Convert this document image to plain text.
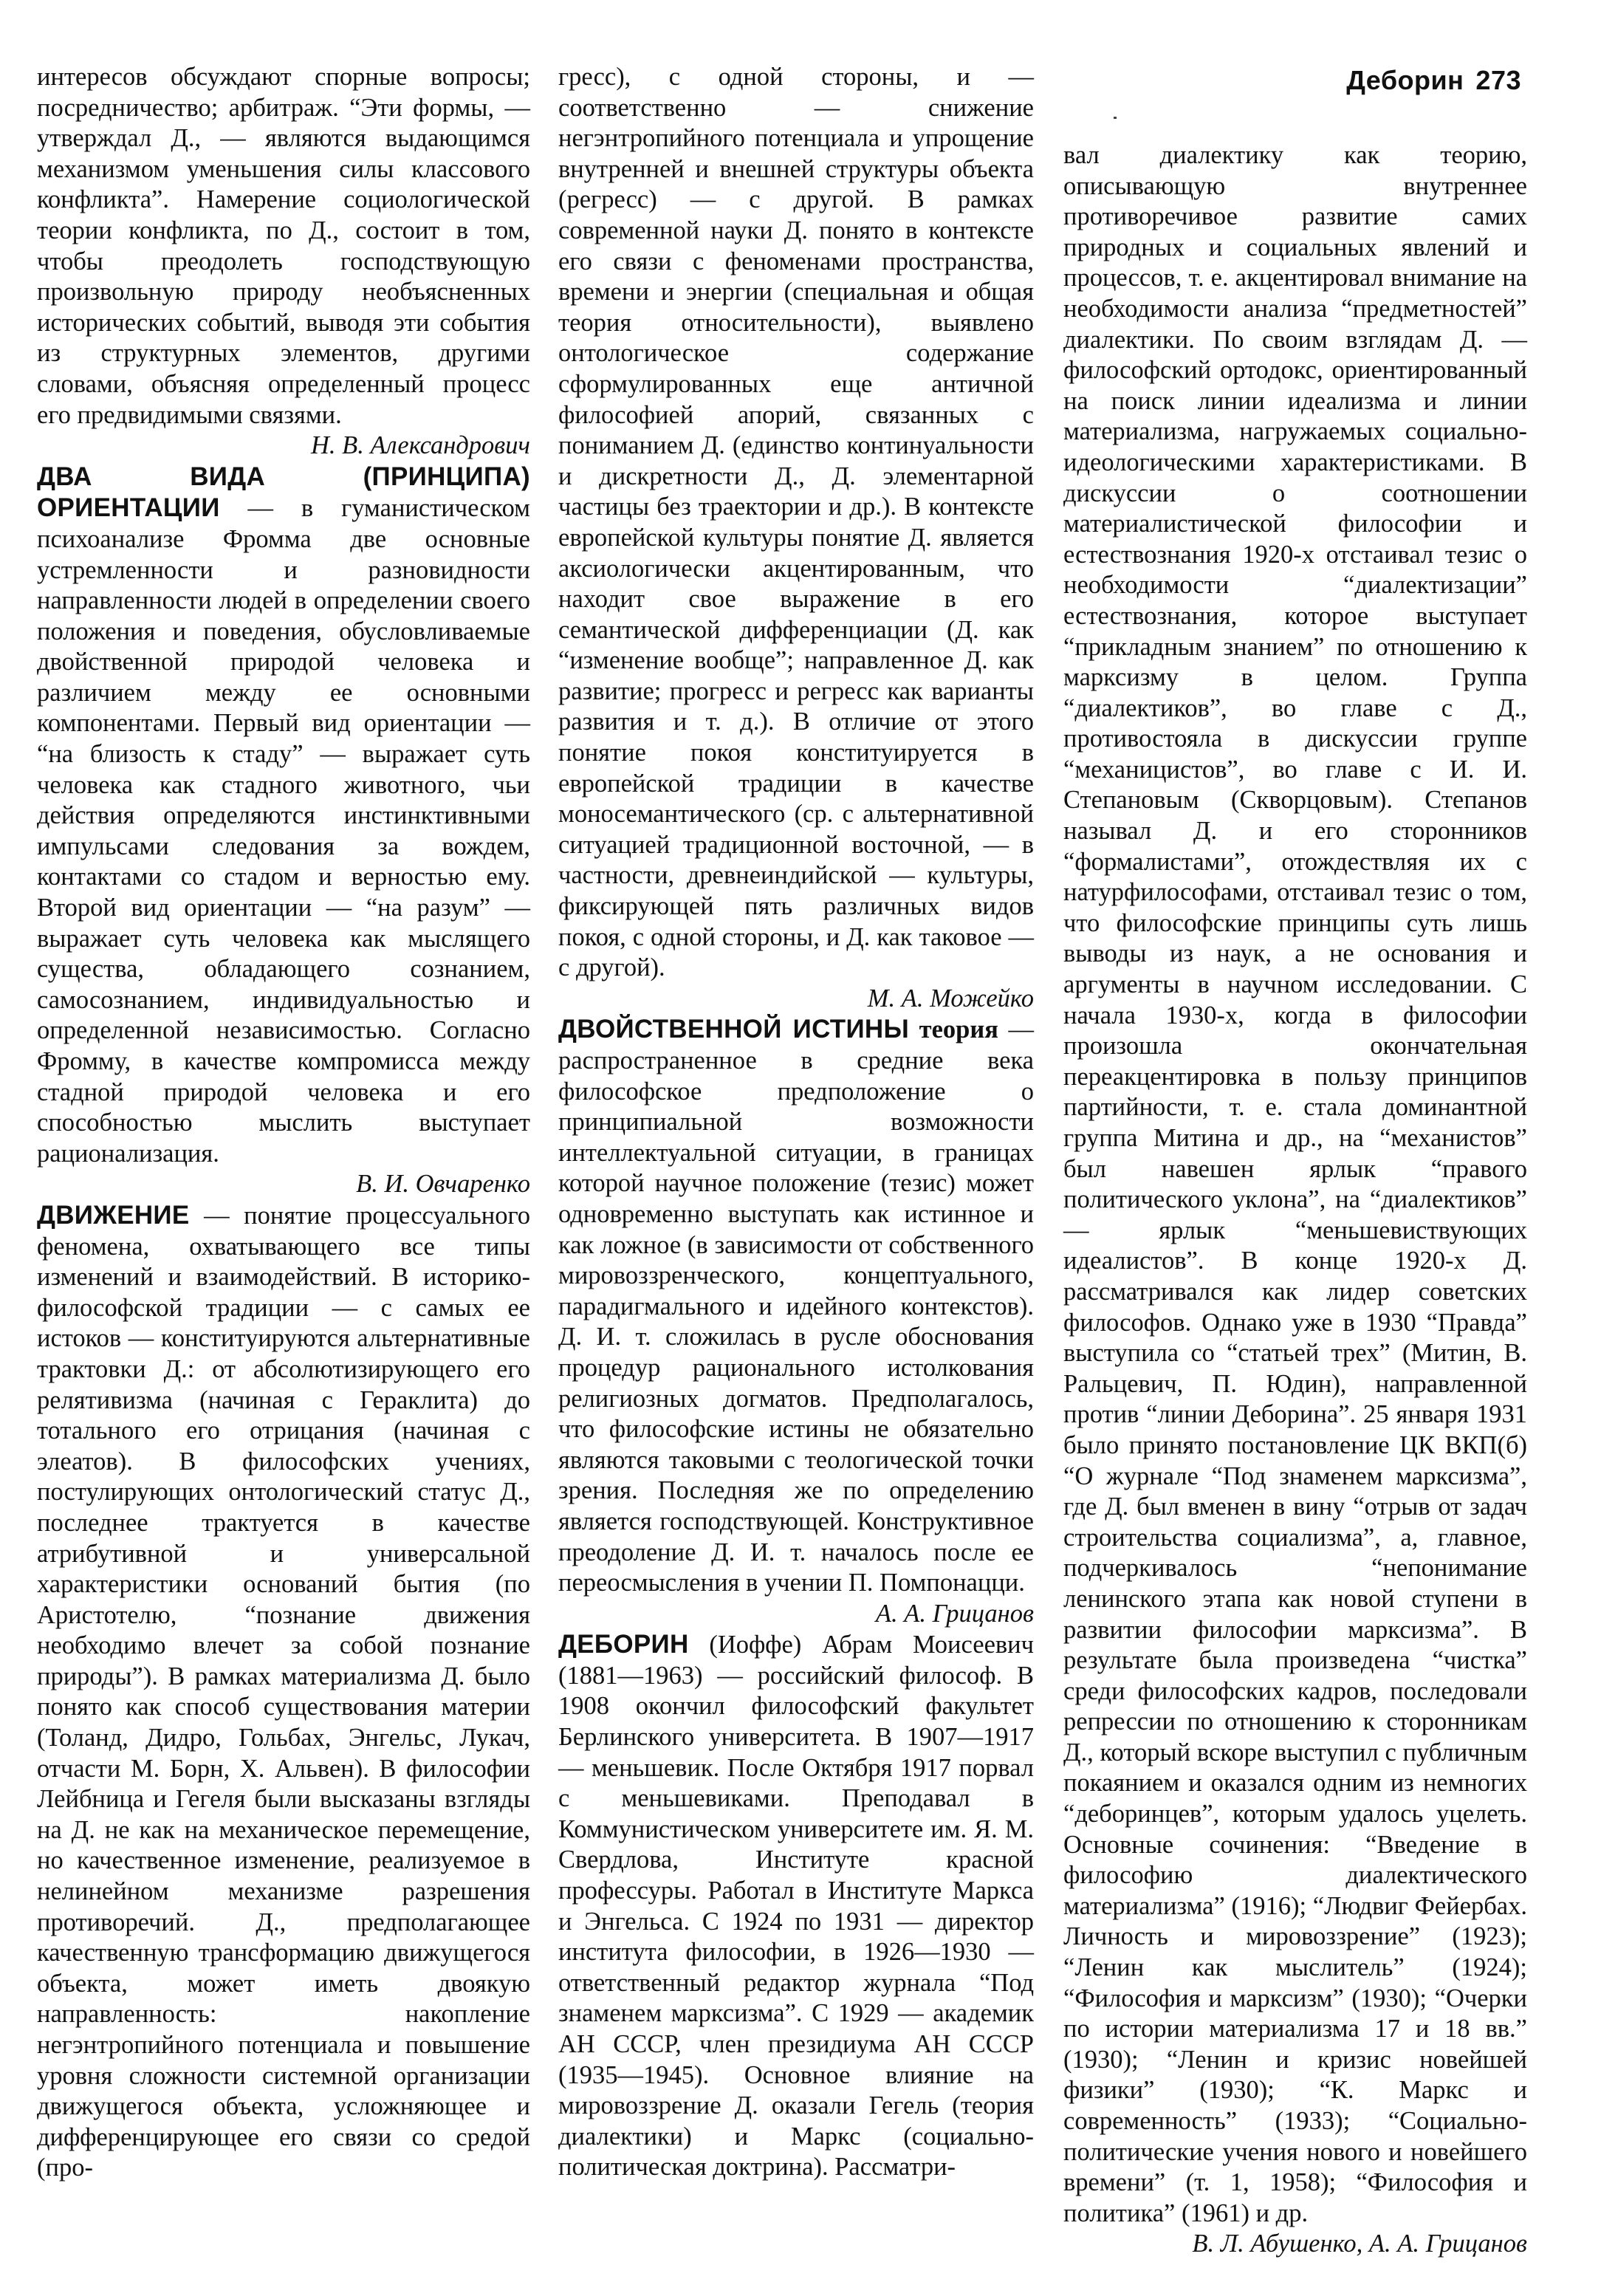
Деборин 273

интересов обсуждают спорные вопросы; посредничество; арбитраж. “Эти формы, — утверждал Д., — являются выдающимся механизмом уменьшения силы классового конфликта”. Намерение социологической теории конфликта, по Д., состоит в том, чтобы преодолеть господствующую произвольную природу необъясненных исторических событий, выводя эти события из структурных элементов, другими словами, объясняя определенный процесс его предвидимыми связями.

Н. В. Александрович

ДВА ВИДА (ПРИНЦИПА) ОРИЕНТАЦИИ — в гуманистическом психоанализе Фромма две основные устремленности и разновидности направленности людей в определении своего положения и поведения, обусловливаемые двойственной природой человека и различием между ее основными компонентами. Первый вид ориентации — “на близость к стаду” — выражает суть человека как стадного животного, чьи действия определяются инстинктивными импульсами следования за вождем, контактами со стадом и верностью ему. Второй вид ориентации — “на разум” — выражает суть человека как мыслящего существа, обладающего сознанием, самосознанием, индивидуальностью и определенной независимостью. Согласно Фромму, в качестве компромисса между стадной природой человека и его способностью мыслить выступает рационализация.

В. И. Овчаренко

ДВИЖЕНИЕ — понятие процессуального феномена, охватывающего все типы изменений и взаимодействий. В историко-философской традиции — с самых ее истоков — конституируются альтернативные трактовки Д.: от абсолютизирующего его релятивизма (начиная с Гераклита) до тотального его отрицания (начиная с элеатов). В философских учениях, постулирующих онтологический статус Д., последнее трактуется в качестве атрибутивной и универсальной характеристики оснований бытия (по Аристотелю, “познание движения необходимо влечет за собой познание природы”). В рамках материализма Д. было понято как способ существования материи (Толанд, Дидро, Гольбах, Энгельс, Лукач, отчасти М. Борн, Х. Альвен). В философии Лейбница и Гегеля были высказаны взгляды на Д. не как на механическое перемещение, но качественное изменение, реализуемое в нелинейном механизме разрешения противоречий. Д., предполагающее качественную трансформацию движущегося объекта, может иметь двоякую направленность: накопление негэнтропийного потенциала и повышение уровня сложности системной организации движущегося объекта, усложняющее и дифференцирующее его связи со средой (про-

гресс), с одной стороны, и — соответственно — снижение негэнтропийного потенциала и упрощение внутренней и внешней структуры объекта (регресс) — с другой. В рамках современной науки Д. понято в контексте его связи с феноменами пространства, времени и энергии (специальная и общая теория относительности), выявлено онтологическое содержание сформулированных еще античной философией апорий, связанных с пониманием Д. (единство континуальности и дискретности Д., Д. элементарной частицы без траектории и др.). В контексте европейской культуры понятие Д. является аксиологически акцентированным, что находит свое выражение в его семантической дифференциации (Д. как “изменение вообще”; направленное Д. как развитие; прогресс и регресс как варианты развития и т. д.). В отличие от этого понятие покоя конституируется в европейской традиции в качестве моносемантического (ср. с альтернативной ситуацией традиционной восточной, — в частности, древнеиндийской — культуры, фиксирующей пять различных видов покоя, с одной стороны, и Д. как таковое — с другой).

М. А. Можейко

ДВОЙСТВЕННОЙ ИСТИНЫ теория — распространенное в средние века философское предположение о принципиальной возможности интеллектуальной ситуации, в границах которой научное положение (тезис) может одновременно выступать как истинное и как ложное (в зависимости от собственного мировоззренческого, концептуального, парадигмального и идейного контекстов). Д. И. т. сложилась в русле обоснования процедур рационального истолкования религиозных догматов. Предполагалось, что философские истины не обязательно являются таковыми с теологической точки зрения. Последняя же по определению является господствующей. Конструктивное преодоление Д. И. т. началось после ее переосмысления в учении П. Помпонацци.

А. А. Грицанов

ДЕБОРИН (Иоффе) Абрам Моисеевич (1881—1963) — российский философ. В 1908 окончил философский факультет Берлинского университета. В 1907—1917 — меньшевик. После Октября 1917 порвал с меньшевиками. Преподавал в Коммунистическом университете им. Я. М. Свердлова, Институте красной профессуры. Работал в Институте Маркса и Энгельса. С 1924 по 1931 — директор института философии, в 1926—1930 — ответственный редактор журнала “Под знаменем марксизма”. С 1929 — академик АН СССР, член президиума АН СССР (1935—1945). Основное влияние на мировоззрение Д. оказали Гегель (теория диалектики) и Маркс (социально-политическая доктрина). Рассматри-

вал диалектику как теорию, описывающую внутреннее противоречивое развитие самих природных и социальных явлений и процессов, т. е. акцентировал внимание на необходимости анализа “предметностей” диалектики. По своим взглядам Д. — философский ортодокс, ориентированный на поиск линии идеализма и линии материализма, нагружаемых социально-идеологическими характеристиками. В дискуссии о соотношении материалистической философии и естествознания 1920-х отстаивал тезис о необходимости “диалектизации” естествознания, которое выступает “прикладным знанием” по отношению к марксизму в целом. Группа “диалектиков”, во главе с Д., противостояла в дискуссии группе “механицистов”, во главе с И. И. Степановым (Скворцовым). Степанов называл Д. и его сторонников “формалистами”, отождествляя их с натурфилософами, отстаивал тезис о том, что философские принципы суть лишь выводы из наук, а не основания и аргументы в научном исследовании. С начала 1930-х, когда в философии произошла окончательная переакцентировка в пользу принципов партийности, т. е. стала доминантной группа Митина и др., на “механистов” был навешен ярлык “правого политического уклона”, на “диалектиков” — ярлык “меньшевиствующих идеалистов”. В конце 1920-х Д. рассматривался как лидер советских философов. Однако уже в 1930 “Правда” выступила со “статьей трех” (Митин, В. Ральцевич, П. Юдин), направленной против “линии Деборина”. 25 января 1931 было принято постановление ЦК ВКП(б) “О журнале “Под знаменем марксизма”, где Д. был вменен в вину “отрыв от задач строительства социализма”, а, главное, подчеркивалось “непонимание ленинского этапа как новой ступени в развитии философии марксизма”. В результате была произведена “чистка” среди философских кадров, последовали репрессии по отношению к сторонникам Д., который вскоре выступил с публичным покаянием и оказался одним из немногих “деборинцев”, которым удалось уцелеть. Основные сочинения: “Введение в философию диалектического материализма” (1916); “Людвиг Фейербах. Личность и мировоззрение” (1923); “Ленин как мыслитель” (1924); “Философия и марксизм” (1930); “Очерки по истории материализма 17 и 18 вв.” (1930); “Ленин и кризис новейшей физики” (1930); “К. Маркс и современность” (1933); “Социально-политические учения нового и новейшего времени” (т. 1, 1958); “Философия и политика” (1961) и др.

В. Л. Абушенко, А. А. Грицанов
